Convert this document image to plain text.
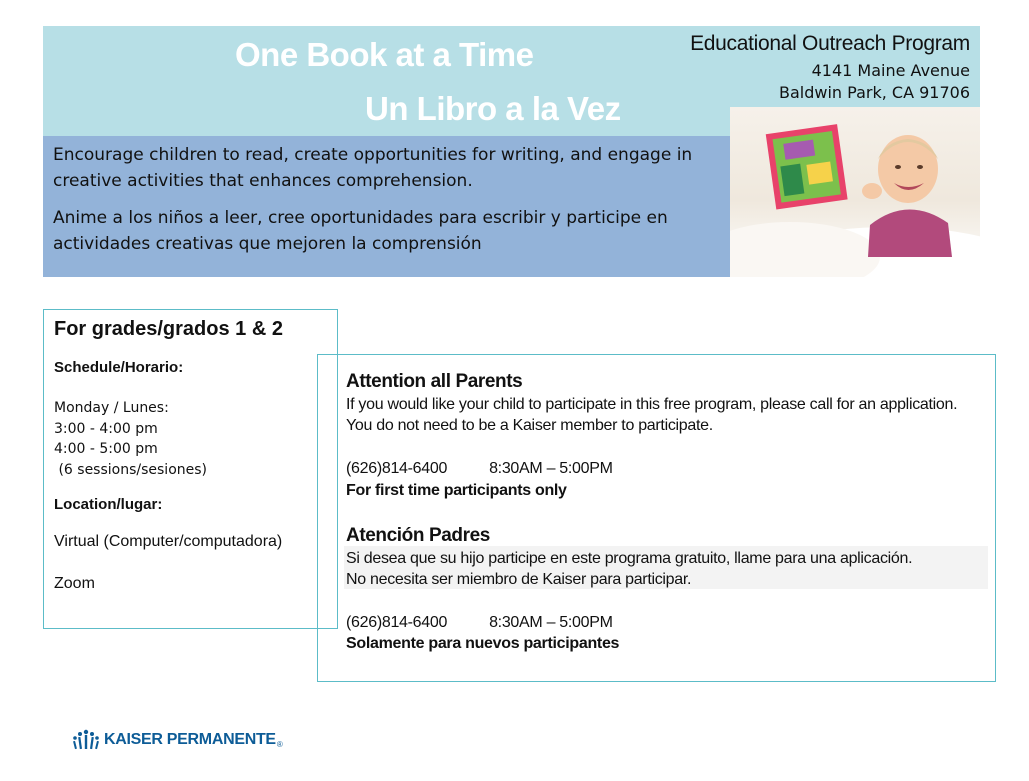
One Book at a Time
Un Libro a la Vez
Educational Outreach Program
4141 Maine Avenue
Baldwin Park, CA 91706

Encourage children to read, create opportunities for writing, and engage in creative activities that enhances comprehension.

Anime a los niños a leer, cree oportunidades para escribir y participe en actividades creativas que mejoren la comprensión

For grades/grados 1 & 2
Schedule/Horario:
Monday / Lunes:
3:00 - 4:00 pm
4:00 - 5:00 pm
(6 sessions/sesiones)
Location/lugar:
Virtual (Computer/computadora)
Zoom
Attention all Parents
If you would like your child to participate in this free program, please call for an application.
You do not need to be a Kaiser member to participate.
(626)814-6400	8:30AM – 5:00PM
For first time participants only
Atención Padres
Si desea que su hijo participe en este programa gratuito, llame para una aplicación.
No necesita ser miembro de Kaiser para participar.
(626)814-6400	8:30AM – 5:00PM
Solamente para nuevos participantes
KAISER PERMANENTE ®
